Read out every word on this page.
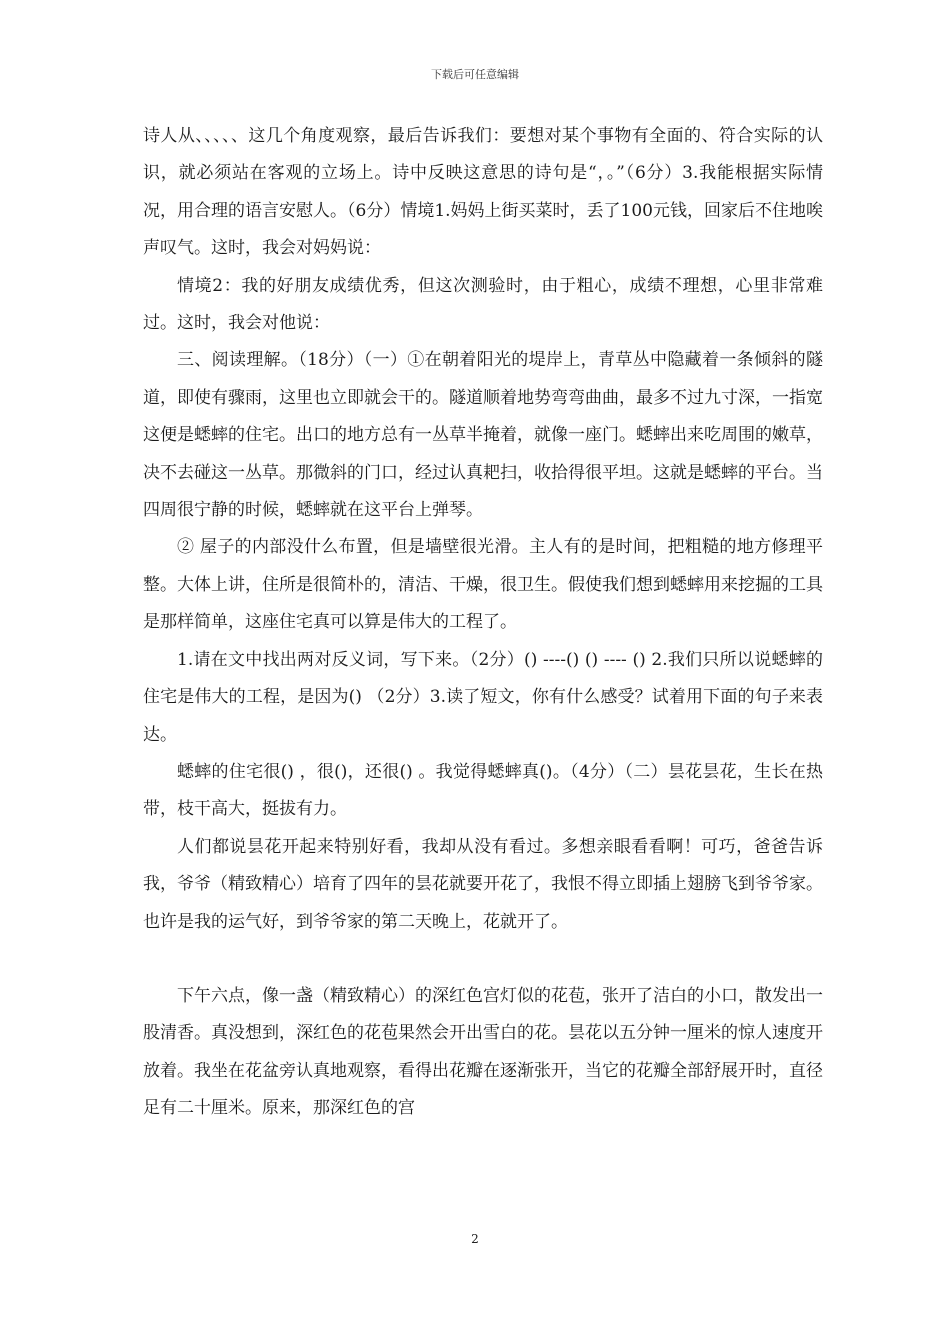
下载后可任意编辑

诗人从、、、、、这几个角度观察，最后告诉我们：要想对某个事物有全面的、符合实际的认识，就必须站在客观的立场上。诗中反映这意思的诗句是“，。”（6分）3.我能根据实际情况，用合理的语言安慰人。（6分）情境1.妈妈上街买菜时，丢了100元钱，回家后不住地唉声叹气。这时，我会对妈妈说：

情境2：我的好朋友成绩优秀，但这次测验时，由于粗心，成绩不理想，心里非常难过。这时，我会对他说：

三、阅读理解。（18分）（一）①在朝着阳光的堤岸上，青草丛中隐藏着一条倾斜的隧道，即使有骤雨，这里也立即就会干的。隧道顺着地势弯弯曲曲，最多不过九寸深，一指宽这便是蟋蟀的住宅。出口的地方总有一丛草半掩着，就像一座门。蟋蟀出来吃周围的嫩草，决不去碰这一丛草。那微斜的门口，经过认真耙扫，收拾得很平坦。这就是蟋蟀的平台。当四周很宁静的时候，蟋蟀就在这平台上弹琴。

② 屋子的内部没什么布置，但是墙壁很光滑。主人有的是时间，把粗糙的地方修理平整。大体上讲，住所是很简朴的，清洁、干燥，很卫生。假使我们想到蟋蟀用来挖掘的工具是那样简单，这座住宅真可以算是伟大的工程了。

1.请在文中找出两对反义词，写下来。（2分）() ----() () ---- () 2.我们只所以说蟋蟀的住宅是伟大的工程，是因为() （2分）3.读了短文，你有什么感受？试着用下面的句子来表达。

蟋蟀的住宅很() ，很()，还很() 。我觉得蟋蟀真()。（4分）（二）昙花昙花，生长在热带，枝干高大，挺拔有力。

人们都说昙花开起来特别好看，我却从没有看过。多想亲眼看看啊！可巧，爸爸告诉我，爷爷（精致精心）培育了四年的昙花就要开花了，我恨不得立即插上翅膀飞到爷爷家。也许是我的运气好，到爷爷家的第二天晚上，花就开了。

下午六点，像一盏（精致精心）的深红色宫灯似的花苞，张开了洁白的小口，散发出一股清香。真没想到，深红色的花苞果然会开出雪白的花。昙花以五分钟一厘米的惊人速度开放着。我坐在花盆旁认真地观察，看得出花瓣在逐渐张开，当它的花瓣全部舒展开时，直径足有二十厘米。原来，那深红色的宫

2
